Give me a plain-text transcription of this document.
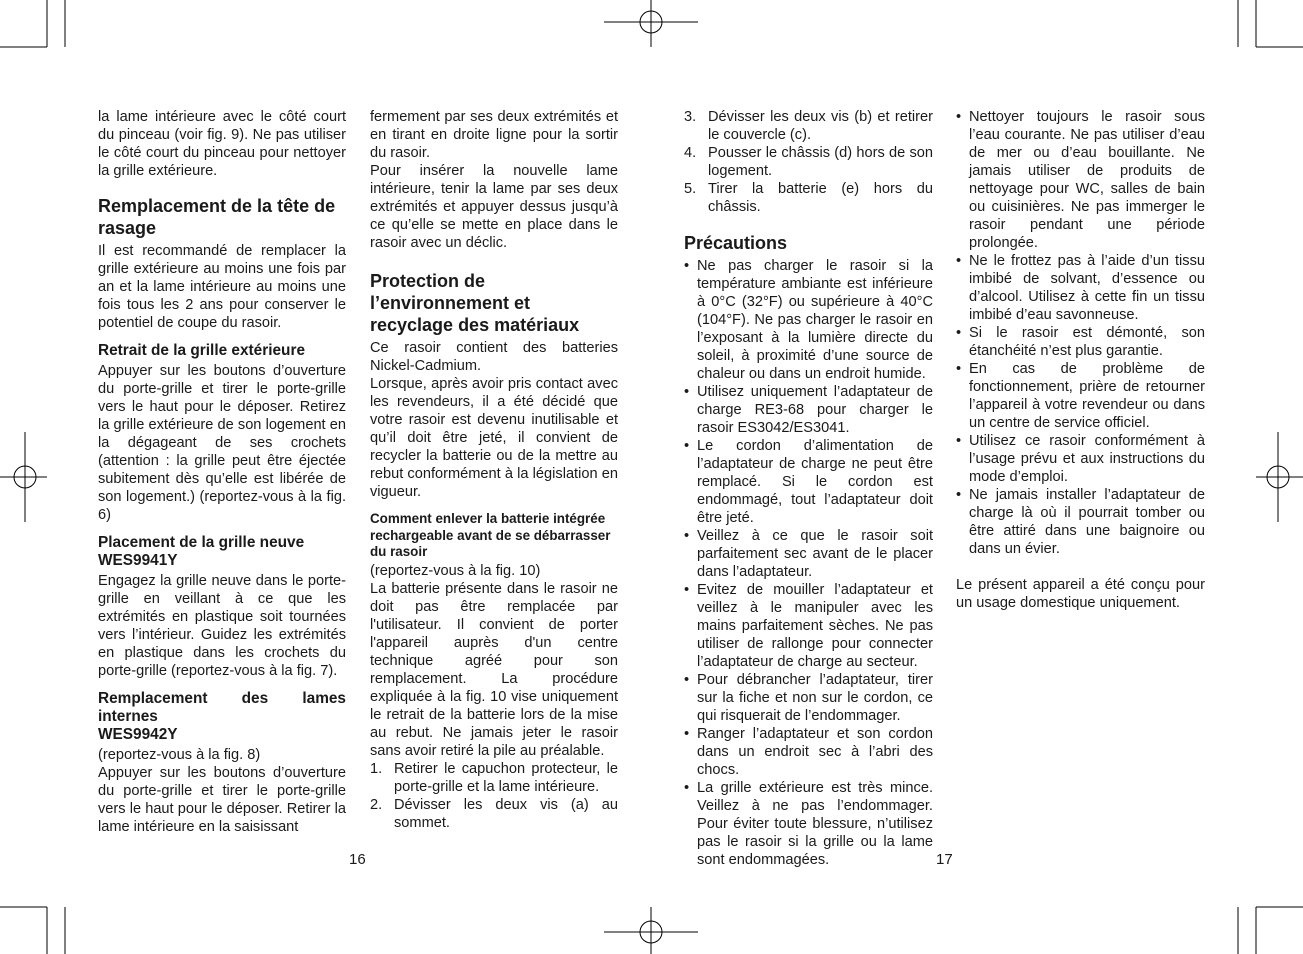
la lame intérieure avec le côté court du pinceau (voir fig. 9). Ne pas utiliser le côté court du pinceau pour nettoyer la grille extérieure.

Remplacement de la tête de rasage

Il est recommandé de remplacer la grille extérieure au moins une fois par an et la lame intérieure au moins une fois tous les 2 ans pour conserver le potentiel de coupe du rasoir.

Retrait de la grille extérieure

Appuyer sur les boutons d’ouverture du porte-grille et tirer le porte-grille vers le haut pour le déposer. Retirez la grille extérieure de son logement en la dégageant de ses crochets (attention : la grille peut être éjectée subitement dès qu’elle est libérée de son logement.) (reportez-vous à la fig. 6)

Placement de la grille neuve
WES9941Y

Engagez la grille neuve dans le porte-grille en veillant à ce que les extrémités en plastique soit tournées vers l’intérieur. Guidez les extrémités en plastique dans les crochets du porte-grille (reportez-vous à la fig. 7).

Remplacement des lames internes
WES9942Y

(reportez-vous à la fig. 8)

Appuyer sur les boutons d’ouverture du porte-grille et tirer le porte-grille vers le haut pour le déposer. Retirer la lame intérieure en la saisissant

fermement par ses deux extrémités et en tirant en droite ligne pour la sortir du rasoir.

Pour insérer la nouvelle lame intérieure, tenir la lame par ses deux extrémités et appuyer dessus jusqu’à ce qu’elle se mette en place dans le rasoir avec un déclic.

Protection de l’environnement et recyclage des matériaux

Ce rasoir contient des batteries Nickel-Cadmium.

Lorsque, après avoir pris contact avec les revendeurs, il a été décidé que votre rasoir est devenu inutilisable et qu’il doit être jeté, il convient de recycler la batterie ou de la mettre au rebut conformément à la législation en vigueur.

Comment enlever la batterie intégrée rechargeable avant de se débarrasser du rasoir

(reportez-vous à la fig. 10)

La batterie présente dans le rasoir ne doit pas être remplacée par l'utilisateur. Il convient de porter l'appareil auprès d'un centre technique agréé pour son remplacement. La procédure expliquée à la fig. 10 vise uniquement le retrait de la batterie lors de la mise au rebut. Ne jamais jeter le rasoir sans avoir retiré la pile au préalable.

1. Retirer le capuchon protecteur, le porte-grille et la lame intérieure.
2. Dévisser les deux vis (a) au sommet.
16
3. Dévisser les deux vis (b) et retirer le couvercle (c).
4. Pousser le châssis (d) hors de son logement.
5. Tirer la batterie (e) hors du châssis.
Précautions
• Ne pas charger le rasoir si la température ambiante est inférieure à 0°C (32°F) ou supérieure à 40°C (104°F). Ne pas charger le rasoir en l’exposant à la lumière directe du soleil, à proximité d’une source de chaleur ou dans un endroit humide.
• Utilisez uniquement l’adaptateur de charge RE3-68 pour charger le rasoir ES3042/ES3041.
• Le cordon d’alimentation de l’adaptateur de charge ne peut être remplacé. Si le cordon est endommagé, tout l’adaptateur doit être jeté.
• Veillez à ce que le rasoir soit parfaitement sec avant de le placer dans l’adaptateur.
• Evitez de mouiller l’adaptateur et veillez à le manipuler avec les mains parfaitement sèches. Ne pas utiliser de rallonge pour connecter l’adaptateur de charge au secteur.
• Pour débrancher l’adaptateur, tirer sur la fiche et non sur le cordon, ce qui risquerait de l’endommager.
• Ranger l’adaptateur et son cordon dans un endroit sec à l’abri des chocs.
• La grille extérieure est très mince. Veillez à ne pas l’endommager. Pour éviter toute blessure, n’utilisez pas le rasoir si la grille ou la lame sont endommagées.
• Nettoyer toujours le rasoir sous l’eau courante. Ne pas utiliser d’eau de mer ou d’eau bouillante. Ne jamais utiliser de produits de nettoyage pour WC, salles de bain ou cuisinières. Ne pas immerger le rasoir pendant une période prolongée.
• Ne le frottez pas à l’aide d’un tissu imbibé de solvant, d’essence ou d’alcool. Utilisez à cette fin un tissu imbibé d’eau savonneuse.
• Si le rasoir est démonté, son étanchéité n’est plus garantie.
• En cas de problème de fonctionnement, prière de retourner l’appareil à votre revendeur ou dans un centre de service officiel.
• Utilisez ce rasoir conformément à l’usage prévu et aux instructions du mode d’emploi.
• Ne jamais installer l’adaptateur de charge là où il pourrait tomber ou être attiré dans une baignoire ou dans un évier.

Le présent appareil a été conçu pour un usage domestique uniquement.

17
